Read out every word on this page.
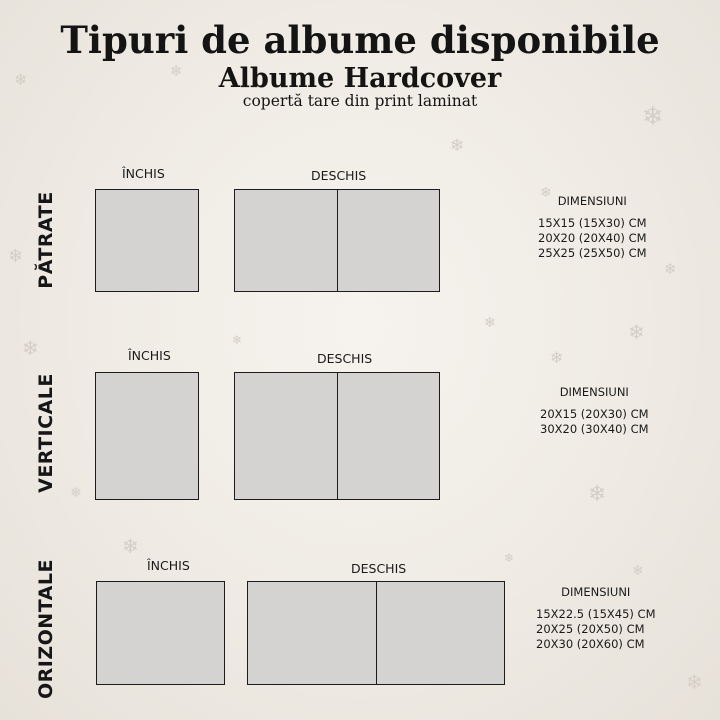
❄	❄
❄
❄
❄
❄
❄
❄	❄
❄	❄
❄
❄	❄
❄
❄
❄
❄
Tipuri de albume disponibile
Albume Hardcover
copertă tare din print laminat
PĂTRATE
ÎNCHIS	DESCHIS
DIMENSIUNI
15X15 (15X30) CM
20X20 (20X40) CM
25X25 (25X50) CM
VERTICALE
ÎNCHIS	DESCHIS
DIMENSIUNI
20X15 (20X30) CM
30X20 (30X40) CM
ORIZONTALE	ÎNCHIS	DESCHIS
DIMENSIUNI
15X22.5 (15X45) CM
20X25 (20X50) CM
20X30 (20X60) CM
